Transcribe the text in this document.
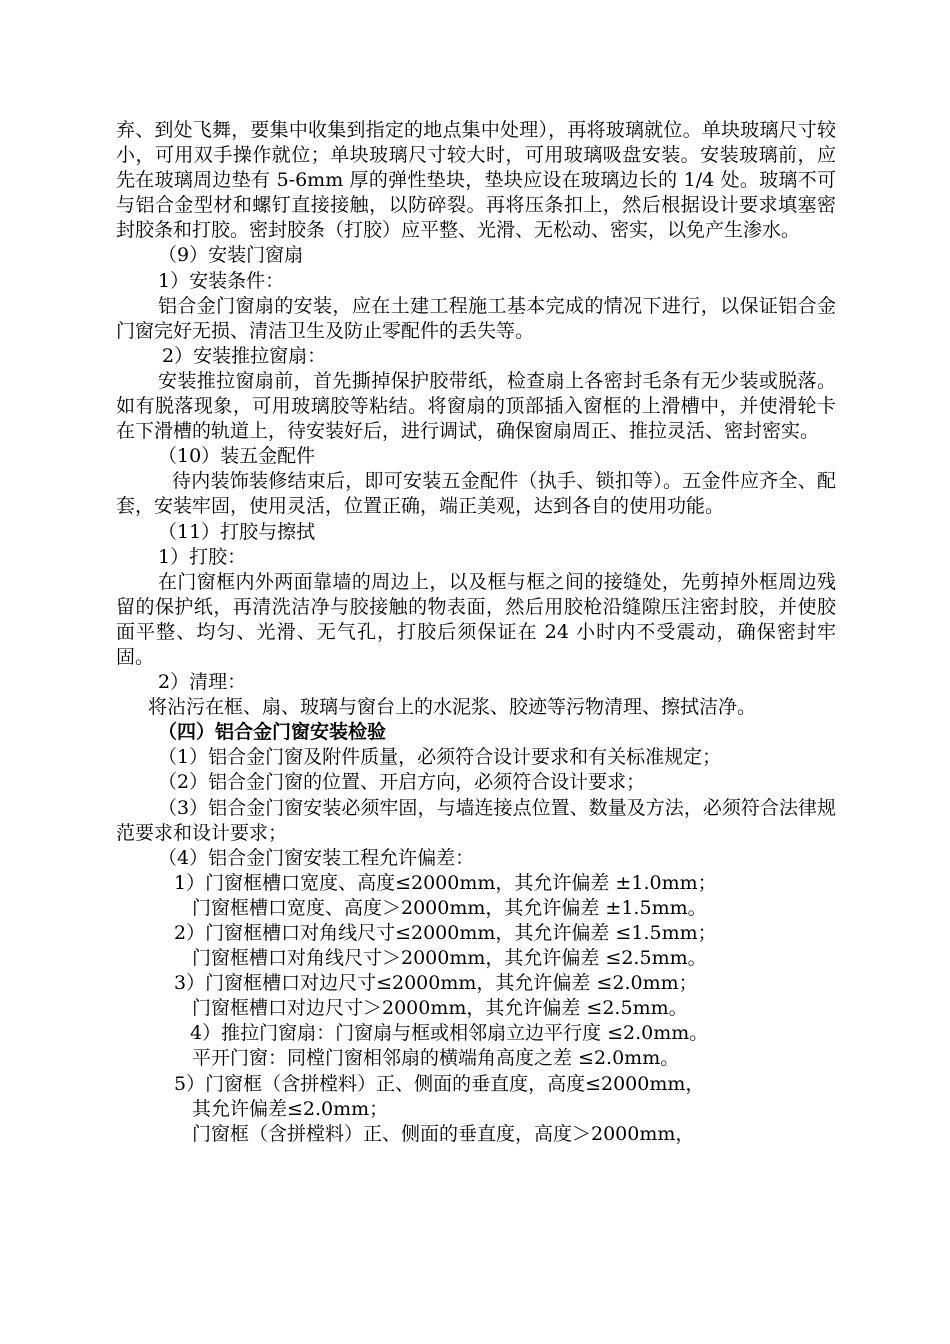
弃、到处飞舞，要集中收集到指定的地点集中处理），再将玻璃就位。单块玻璃尺寸较小，可用双手操作就位；单块玻璃尺寸较大时，可用玻璃吸盘安装。安装玻璃前，应先在玻璃周边垫有 5-6mm 厚的弹性垫块，垫块应设在玻璃边长的 1/4 处。玻璃不可与铝合金型材和螺钉直接接触，以防碎裂。再将压条扣上，然后根据设计要求填塞密封胶条和打胶。密封胶条（打胶）应平整、光滑、无松动、密实，以免产生渗水。

（9）安装门窗扇

1）安装条件：

铝合金门窗扇的安装，应在土建工程施工基本完成的情况下进行，以保证铝合金门窗完好无损、清洁卫生及防止零配件的丢失等。

2）安装推拉窗扇：

安装推拉窗扇前，首先撕掉保护胶带纸，检查扇上各密封毛条有无少装或脱落。如有脱落现象，可用玻璃胶等粘结。将窗扇的顶部插入窗框的上滑槽中，并使滑轮卡在下滑槽的轨道上，待安装好后，进行调试，确保窗扇周正、推拉灵活、密封密实。

（10）装五金配件

待内装饰装修结束后，即可安装五金配件（执手、锁扣等）。五金件应齐全、配套，安装牢固，使用灵活，位置正确，端正美观，达到各自的使用功能。

（11）打胶与擦拭

1）打胶：

在门窗框内外两面靠墙的周边上，以及框与框之间的接缝处，先剪掉外框周边残留的保护纸，再清洗洁净与胶接触的物表面，然后用胶枪沿缝隙压注密封胶，并使胶面平整、均匀、光滑、无气孔，打胶后须保证在 24 小时内不受震动，确保密封牢固。

2）清理：

将沾污在框、扇、玻璃与窗台上的水泥浆、胶迹等污物清理、擦拭洁净。

（四）铝合金门窗安装检验

（1）铝合金门窗及附件质量，必须符合设计要求和有关标准规定；

（2）铝合金门窗的位置、开启方向，必须符合设计要求；

（3）铝合金门窗安装必须牢固，与墙连接点位置、数量及方法，必须符合法律规范要求和设计要求；

（4）铝合金门窗安装工程允许偏差：

1）门窗框槽口宽度、高度≤2000mm，其允许偏差 ±1.0mm；

门窗框槽口宽度、高度＞2000mm，其允许偏差 ±1.5mm。

2）门窗框槽口对角线尺寸≤2000mm，其允许偏差 ≤1.5mm；

门窗框槽口对角线尺寸＞2000mm，其允许偏差 ≤2.5mm。

3）门窗框槽口对边尺寸≤2000mm，其允许偏差 ≤2.0mm；

门窗框槽口对边尺寸＞2000mm，其允许偏差 ≤2.5mm。

4）推拉门窗扇：门窗扇与框或相邻扇立边平行度 ≤2.0mm。

平开门窗：同樘门窗相邻扇的横端角高度之差 ≤2.0mm。

5）门窗框（含拼樘料）正、侧面的垂直度，高度≤2000mm，

其允许偏差≤2.0mm；

门窗框（含拼樘料）正、侧面的垂直度，高度＞2000mm，
